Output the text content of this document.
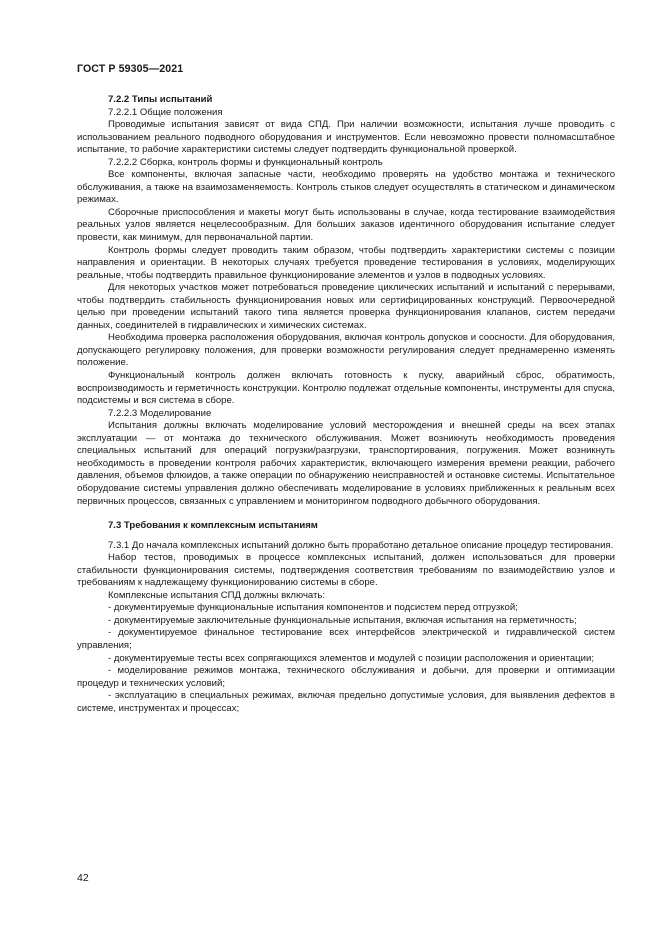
ГОСТ Р 59305—2021

7.2.2 Типы испытаний

7.2.2.1 Общие положения

Проводимые испытания зависят от вида СПД. При наличии возможности, испытания лучше проводить с использованием реального подводного оборудования и инструментов. Если невозможно провести полномасштабное испытание, то рабочие характеристики системы следует подтвердить функциональной проверкой.

7.2.2.2 Сборка, контроль формы и функциональный контроль

Все компоненты, включая запасные части, необходимо проверять на удобство монтажа и технического обслуживания, а также на взаимозаменяемость. Контроль стыков следует осуществлять в статическом и динамическом режимах.

Сборочные приспособления и макеты могут быть использованы в случае, когда тестирование взаимодействия реальных узлов является нецелесообразным. Для больших заказов идентичного оборудования испытание следует провести, как минимум, для первоначальной партии.

Контроль формы следует проводить таким образом, чтобы подтвердить характеристики системы с позиции направления и ориентации. В некоторых случаях требуется проведение тестирования в условиях, моделирующих реальные, чтобы подтвердить правильное функционирование элементов и узлов в подводных условиях.

Для некоторых участков может потребоваться проведение циклических испытаний и испытаний с перерывами, чтобы подтвердить стабильность функционирования новых или сертифицированных конструкций. Первоочередной целью при проведении испытаний такого типа является проверка функционирования клапанов, систем передачи данных, соединителей в гидравлических и химических системах.

Необходима проверка расположения оборудования, включая контроль допусков и соосности. Для оборудования, допускающего регулировку положения, для проверки возможности регулирования следует преднамеренно изменять положение.

Функциональный контроль должен включать готовность к пуску, аварийный сброс, обратимость, воспроизводимость и герметичность конструкции. Контролю подлежат отдельные компоненты, инструменты для спуска, подсистемы и вся система в сборе.

7.2.2.3 Моделирование

Испытания должны включать моделирование условий месторождения и внешней среды на всех этапах эксплуатации — от монтажа до технического обслуживания. Может возникнуть необходимость проведения специальных испытаний для операций погрузки/разгрузки, транспортирования, погружения. Может возникнуть необходимость в проведении контроля рабочих характеристик, включающего измерения времени реакции, рабочего давления, объемов флюидов, а также операции по обнаружению неисправностей и остановке системы. Испытательное оборудование системы управления должно обеспечивать моделирование в условиях приближенных к реальным всех первичных процессов, связанных с управлением и мониторингом подводного добычного оборудования.

7.3 Требования к комплексным испытаниям

7.3.1 До начала комплексных испытаний должно быть проработано детальное описание процедур тестирования.

Набор тестов, проводимых в процессе комплексных испытаний, должен использоваться для проверки стабильности функционирования системы, подтверждения соответствия требованиям по взаимодействию узлов и требованиям к надлежащему функционированию системы в сборе.

Комплексные испытания СПД должны включать:

- документируемые функциональные испытания компонентов и подсистем перед отгрузкой;

- документируемые заключительные функциональные испытания, включая испытания на герметичность;

- документируемое финальное тестирование всех интерфейсов электрической и гидравлической систем управления;

- документируемые тесты всех сопрягающихся элементов и модулей с позиции расположения и ориентации;

- моделирование режимов монтажа, технического обслуживания и добычи, для проверки и оптимизации процедур и технических условий;

- эксплуатацию в специальных режимах, включая предельно допустимые условия, для выявления дефектов в системе, инструментах и процессах;

42
